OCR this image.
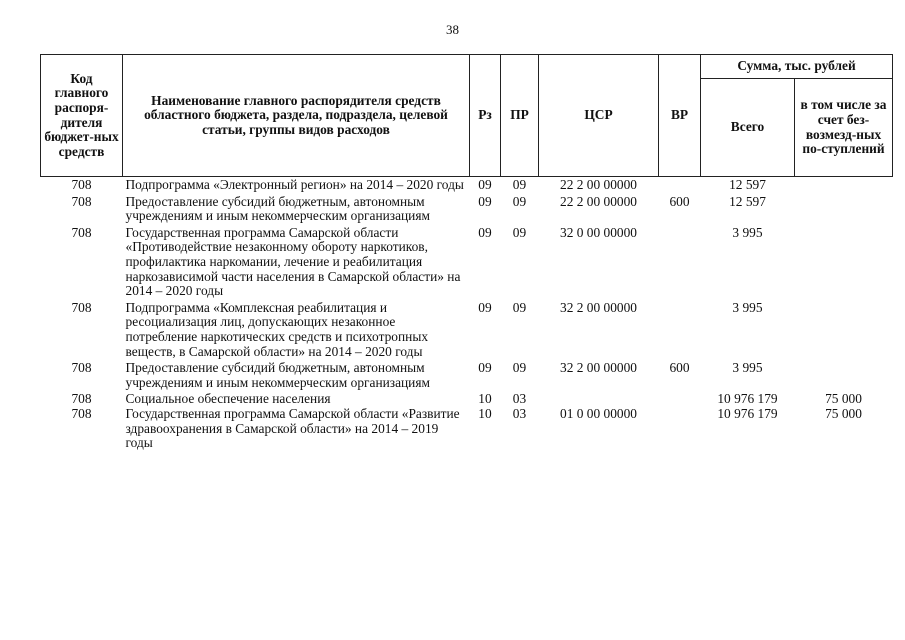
38
Код главного распоря-дителя бюджет-ных средств	Наименование главного распорядителя средств областного бюджета, раздела, подраздела, целевой статьи, группы видов расходов	Рз	ПР	ЦСР	ВР	Сумма, тыс. рублей	
						Всего	в том числе за счет без-возмезд-ных по-ступлений
708	Подпрограмма «Электронный регион» на 2014 – 2020 годы	09	09	22 2 00 00000		12 597	
708	Предоставление субсидий бюджетным, автономным учреждениям и иным некоммерческим организациям	09	09	22 2 00 00000	600	12 597	
708	Государственная программа Самарской области «Противодействие незаконному обороту наркотиков, профилактика наркомании, лечение и реабилитация наркозависимой части населения в Самарской области» на 2014 – 2020 годы	09	09	32 0 00 00000		3 995	
708	Подпрограмма «Комплексная реабилитация и ресоциализация лиц, допускающих незаконное потребление наркотических средств и психотропных веществ, в Самарской области» на 2014 – 2020 годы	09	09	32 2 00 00000		3 995	
708	Предоставление субсидий бюджетным, автономным учреждениям и иным некоммерческим организациям	09	09	32 2 00 00000	600	3 995	
708	Социальное обеспечение населения	10	03			10 976 179	75 000
708	Государственная программа Самарской области «Развитие здравоохранения в Самарской области» на 2014 – 2019 годы	10	03	01 0 00 00000		10 976 179	75 000
